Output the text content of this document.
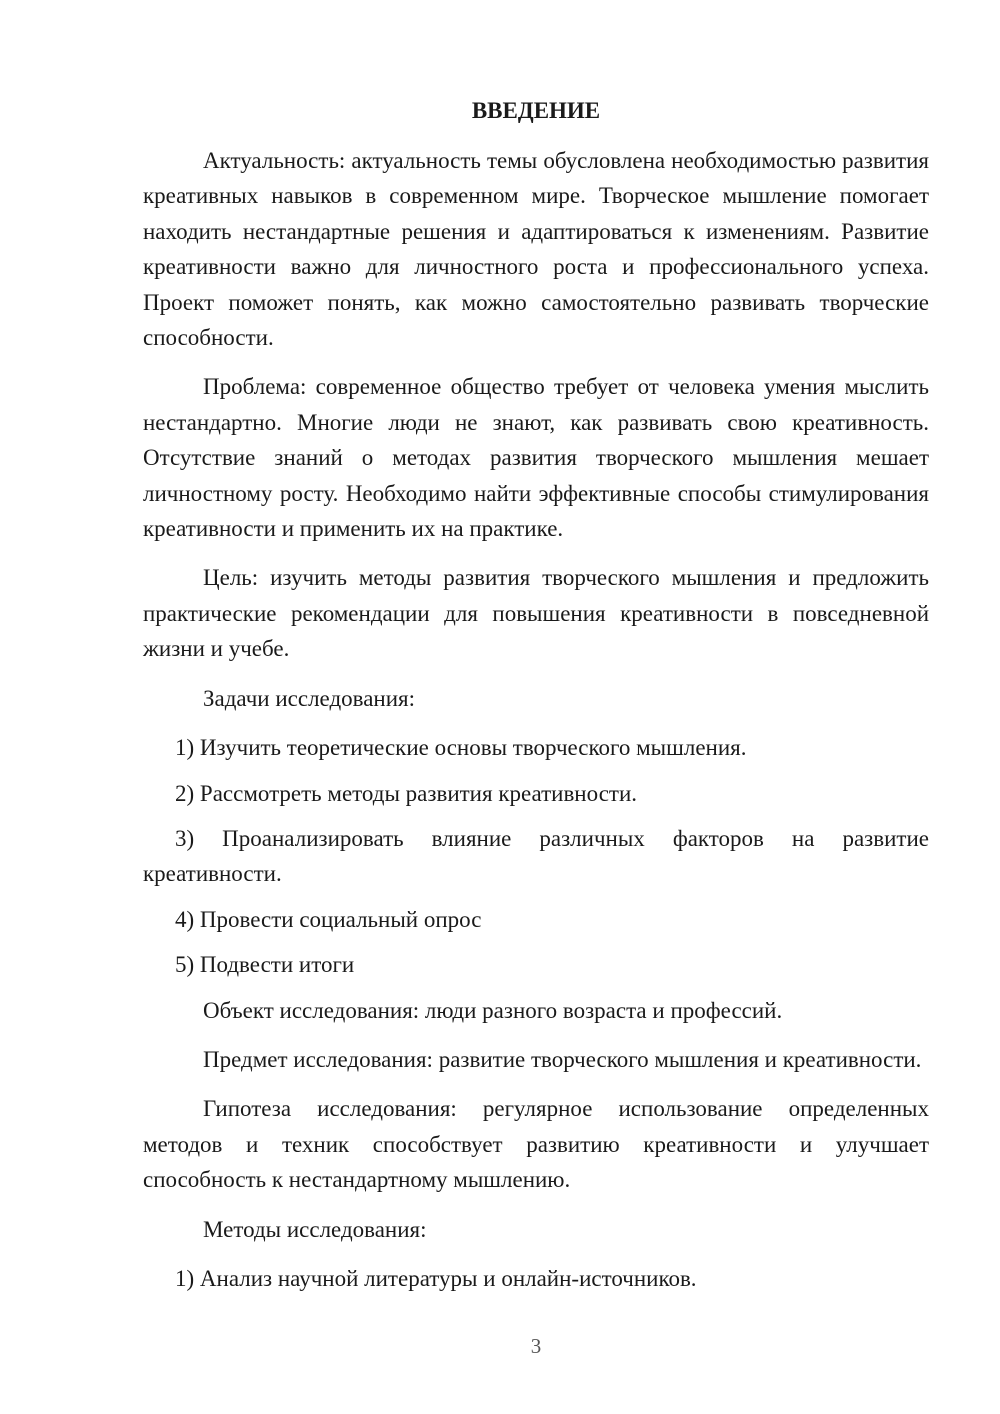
ВВЕДЕНИЕ

Актуальность: актуальность темы обусловлена необходимостью развития креативных навыков в современном мире. Творческое мышление помогает находить нестандартные решения и адаптироваться к изменениям. Развитие креативности важно для личностного роста и профессионального успеха. Проект поможет понять, как можно самостоятельно развивать творческие способности.

Проблема: современное общество требует от человека умения мыслить нестандартно. Многие люди не знают, как развивать свою креативность. Отсутствие знаний о методах развития творческого мышления мешает личностному росту. Необходимо найти эффективные способы стимулирования креативности и применить их на практике.

Цель: изучить методы развития творческого мышления и предложить практические рекомендации для повышения креативности в повседневной жизни и учебе.

Задачи исследования:

1) Изучить теоретические основы творческого мышления.

2) Рассмотреть методы развития креативности.

3) Проанализировать влияние различных факторов на развитие креативности.

4) Провести социальный опрос

5) Подвести итоги

Объект исследования: люди разного возраста и профессий.

Предмет исследования: развитие творческого мышления и креативности.

Гипотеза исследования: регулярное использование определенных методов и техник способствует развитию креативности и улучшает способность к нестандартному мышлению.

Методы исследования:

1) Анализ научной литературы и онлайн-источников.

3
